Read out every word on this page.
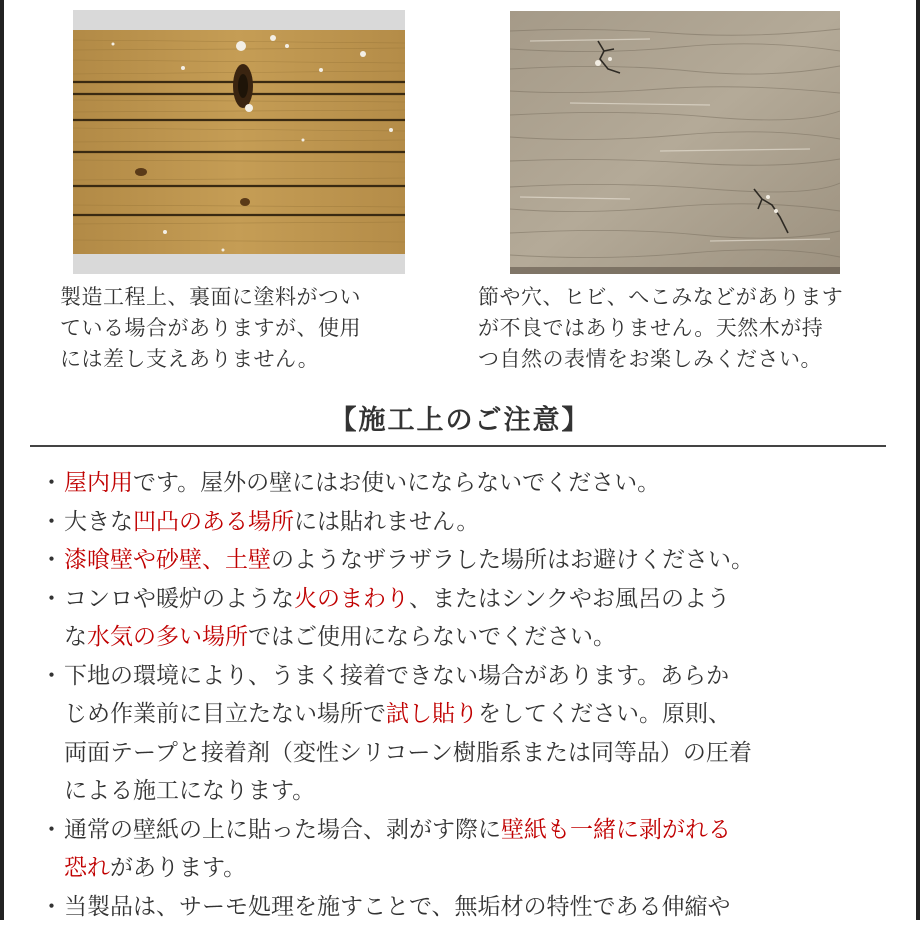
製造工程上、裏面に塗料がつい
ている場合がありますが、使用
には差し支えありません。

節や穴、ヒビ、へこみなどがあります
が不良ではありません。天然木が持
つ自然の表情をお楽しみください。

【施工上のご注意】
・ 屋内用です。屋外の壁にはお使いにならないでください。
・ 大きな凹凸のある場所には貼れません。
・ 漆喰壁や砂壁、土壁のようなザラザラした場所はお避けください。
・ コンロや暖炉のような火のまわり、またはシンクやお風呂のよう
な水気の多い場所ではご使用にならないでください。
・ 下地の環境により、うまく接着できない場合があります。あらか
じめ作業前に目立たない場所で試し貼りをしてください。原則、
両面テープと接着剤（変性シリコーン樹脂系または同等品）の圧着
による施工になります。
・ 通常の壁紙の上に貼った場合、剥がす際に壁紙も一緒に剥がれる
恐れがあります。
・ 当製品は、サーモ処理を施すことで、無垢材の特性である伸縮や
